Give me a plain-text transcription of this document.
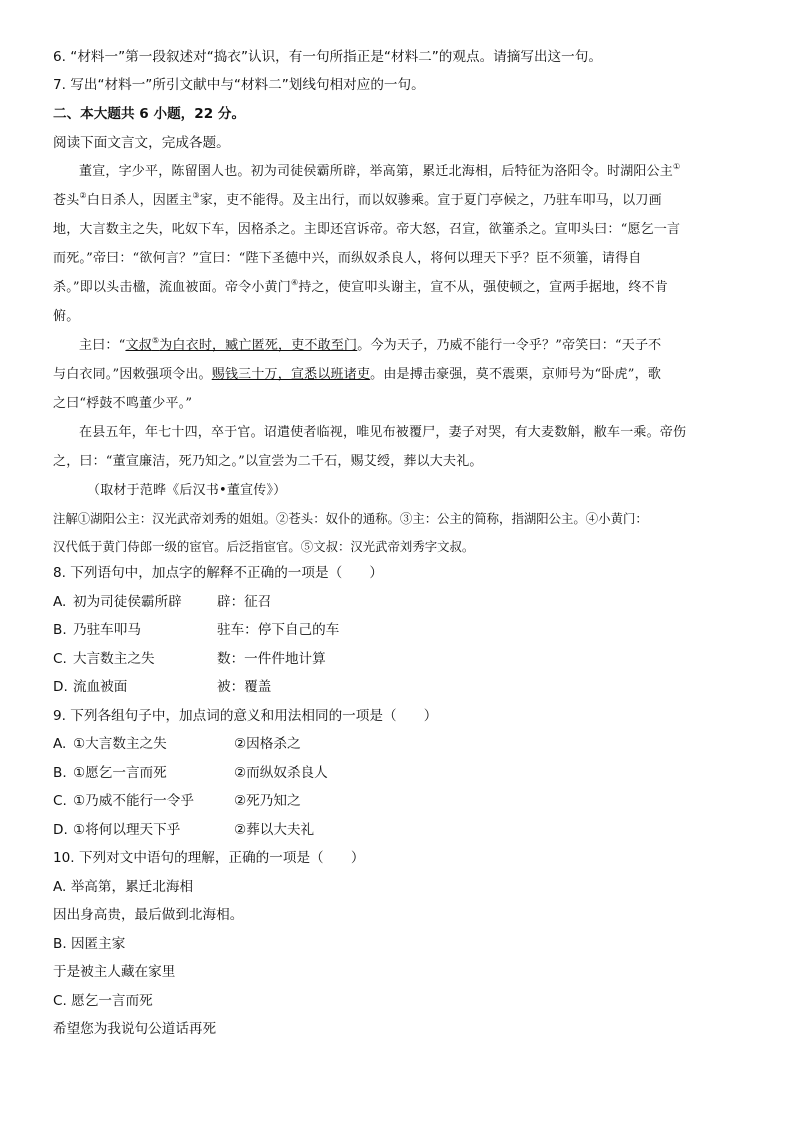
6. “材料一”第一段叙述对“捣衣”认识，有一句所指正是“材料二”的观点。请摘写出这一句。
7. 写出“材料一”所引文献中与“材料二”划线句相对应的一句。
二、本大题共 6 小题，22 分。
阅读下面文言文，完成各题。
董宣，字少平，陈留圉人也。初为司徒侯霸所辟，举高第，累迁北海相，后特征为洛阳令。时湖阳公主①
苍头②白日杀人，因匿主③家，吏不能得。及主出行，而以奴骖乘。宣于夏门亭候之，乃驻车叩马，以刀画
地，大言数主之失，叱奴下车，因格杀之。主即还宫诉帝。帝大怒，召宣，欲箠杀之。宣叩头曰：“愿乞一言
而死。”帝曰：“欲何言？”宣曰：“陛下圣德中兴，而纵奴杀良人，将何以理天下乎？臣不须箠，请得自
杀。”即以头击楹，流血被面。帝令小黄门④持之，使宣叩头谢主，宣不从，强使顿之，宣两手据地，终不肯
俯。
主曰：“文叔⑤为白衣时，臧亡匿死，吏不敢至门。今为天子，乃威不能行一令乎？”帝笑曰：“天子不
与白衣同。”因敕强项令出。赐钱三十万，宣悉以班诸吏。由是搏击豪强，莫不震栗，京师号为“卧虎”，歌
之曰“桴鼓不鸣董少平。”
在县五年，年七十四，卒于官。诏遣使者临视，唯见布被覆尸，妻子对哭，有大麦数斛，敝车一乘。帝伤
之，曰：“董宣廉洁，死乃知之。”以宣尝为二千石，赐艾绶，葬以大夫礼。
（取材于范晔《后汉书•董宣传》）
注解①湖阳公主：汉光武帝刘秀的姐姐。②苍头：奴仆的通称。③主：公主的简称，指湖阳公主。④小黄门：
汉代低于黄门侍郎一级的宦官。后泛指宦官。⑤文叔：汉光武帝刘秀字文叔。
8. 下列语句中，加点字的解释不正确的一项是（　　）
A. 初为司徒侯霸所辟	辟：征召
B. 乃驻车叩马	驻车：停下自己的车
C. 大言数主之失	数：一件件地计算
D. 流血被面	被：覆盖
9. 下列各组句子中，加点词的意义和用法相同的一项是（　　）
A. ①大言数主之失	②因格杀之
B. ①愿乞一言而死	②而纵奴杀良人
C. ①乃威不能行一令乎	②死乃知之
D. ①将何以理天下乎	②葬以大夫礼
10. 下列对文中语句的理解，正确的一项是（　　）
A. 举高第，累迁北海相
因出身高贵，最后做到北海相。
B. 因匿主家
于是被主人藏在家里
C. 愿乞一言而死
希望您为我说句公道话再死
